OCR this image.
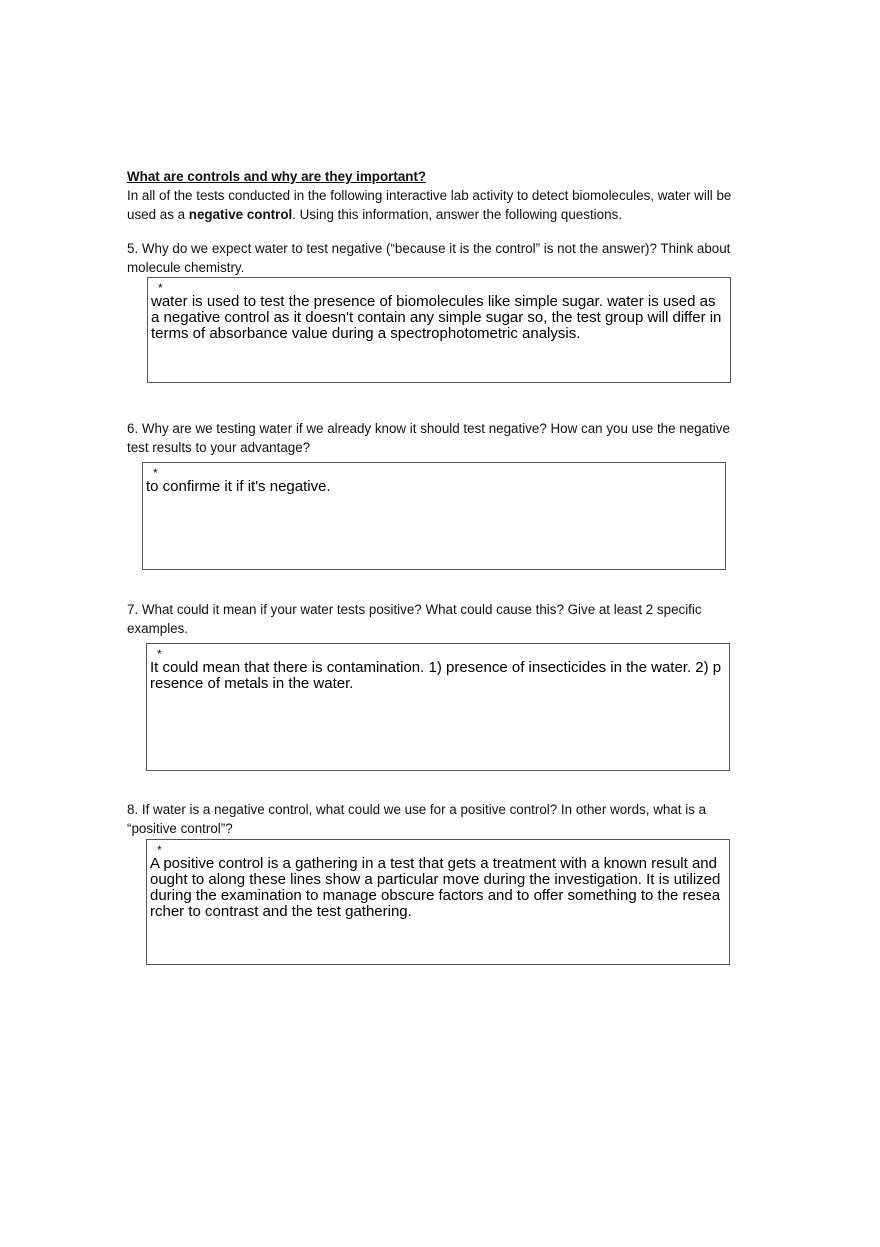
What are controls and why are they important?
In all of the tests conducted in the following interactive lab activity to detect biomolecules, water will be used as a negative control. Using this information, answer the following questions.

5. Why do we expect water to test negative (“because it is the control” is not the answer)? Think about molecule chemistry.

*
water is used to test the presence of biomolecules like simple sugar. water is used as a negative control as it doesn't contain any simple sugar so, the test group will differ in terms of absorbance value during a spectrophotometric analysis.

6. Why are we testing water if we already know it should test negative? How can you use the negative test results to your advantage?

*
to confirme it if it's negative.

7. What could it mean if your water tests positive? What could cause this? Give at least 2 specific examples.

*
It could mean that there is contamination. 1) presence of insecticides in the water. 2) presence of metals in the water.

8. If water is a negative control, what could we use for a positive control? In other words, what is a “positive control”?

*
A positive control is a gathering in a test that gets a treatment with a known result and ought to along these lines show a particular move during the investigation. It is utilized during the examination to manage obscure factors and to offer something to the researcher to contrast and the test gathering.
